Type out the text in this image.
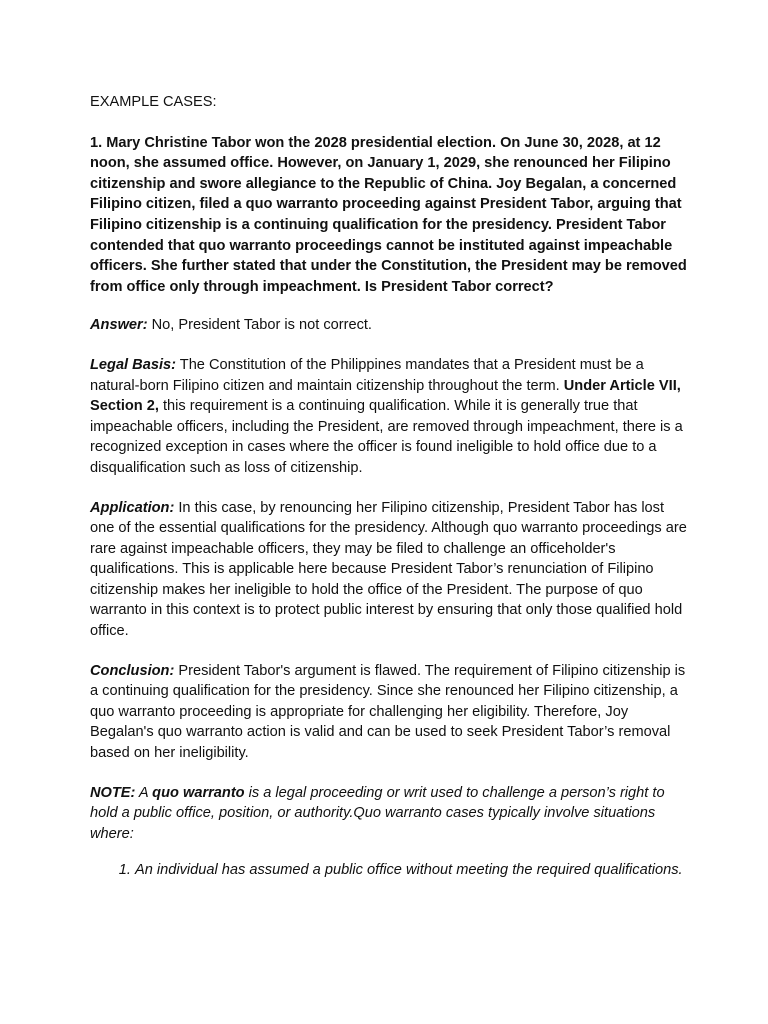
EXAMPLE CASES:

1. Mary Christine Tabor won the 2028 presidential election. On June 30, 2028, at 12 noon, she assumed office. However, on January 1, 2029, she renounced her Filipino citizenship and swore allegiance to the Republic of China. Joy Begalan, a concerned Filipino citizen, filed a quo warranto proceeding against President Tabor, arguing that Filipino citizenship is a continuing qualification for the presidency. President Tabor contended that quo warranto proceedings cannot be instituted against impeachable officers. She further stated that under the Constitution, the President may be removed from office only through impeachment. Is President Tabor correct?

Answer: No, President Tabor is not correct.

Legal Basis: The Constitution of the Philippines mandates that a President must be a natural-born Filipino citizen and maintain citizenship throughout the term. Under Article VII, Section 2, this requirement is a continuing qualification. While it is generally true that impeachable officers, including the President, are removed through impeachment, there is a recognized exception in cases where the officer is found ineligible to hold office due to a disqualification such as loss of citizenship.

Application: In this case, by renouncing her Filipino citizenship, President Tabor has lost one of the essential qualifications for the presidency. Although quo warranto proceedings are rare against impeachable officers, they may be filed to challenge an officeholder's qualifications. This is applicable here because President Tabor’s renunciation of Filipino citizenship makes her ineligible to hold the office of the President. The purpose of quo warranto in this context is to protect public interest by ensuring that only those qualified hold office.

Conclusion: President Tabor's argument is flawed. The requirement of Filipino citizenship is a continuing qualification for the presidency. Since she renounced her Filipino citizenship, a quo warranto proceeding is appropriate for challenging her eligibility. Therefore, Joy Begalan's quo warranto action is valid and can be used to seek President Tabor’s removal based on her ineligibility.

NOTE: A quo warranto is a legal proceeding or writ used to challenge a person’s right to hold a public office, position, or authority.Quo warranto cases typically involve situations where:

1. An individual has assumed a public office without meeting the required qualifications.
